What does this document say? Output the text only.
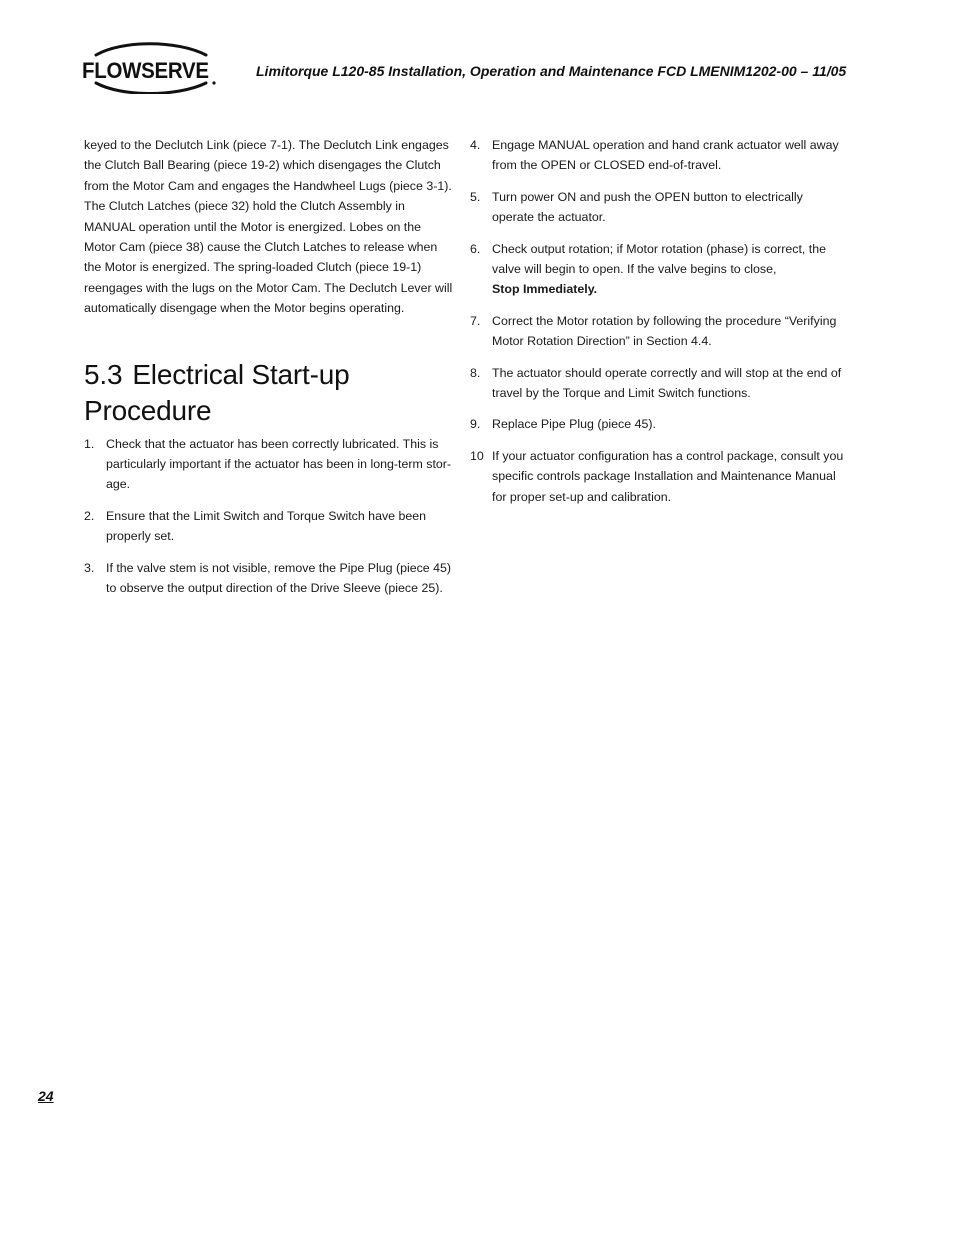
FLOWSERVE	Limitorque L120-85 Installation, Operation and Maintenance FCD LMENIM1202-00 – 11/05

keyed to the Declutch Link (piece 7-1). The Declutch Link engages the Clutch Ball Bearing (piece 19-2) which disengages the Clutch from the Motor Cam and engages the Handwheel Lugs (piece 3-1). The Clutch Latches (piece 32) hold the Clutch Assembly in MANUAL operation until the Motor is energized. Lobes on the Motor Cam (piece 38) cause the Clutch Latches to release when the Motor is energized. The spring-loaded Clutch (piece 19-1) reengages with the lugs on the Motor Cam. The Declutch Lever will automatically disengage when the Motor begins operating.

5.3 Electrical Start-up Procedure
1. Check that the actuator has been correctly lubricated. This is particularly important if the actuator has been in long-term stor-age.
2. Ensure that the Limit Switch and Torque Switch have been properly set.
3. If the valve stem is not visible, remove the Pipe Plug (piece 45) to observe the output direction of the Drive Sleeve (piece 25).
4. Engage MANUAL operation and hand crank actuator well away from the OPEN or CLOSED end-of-travel.
5. Turn power ON and push the OPEN button to electrically operate the actuator.
6. Check output rotation; if Motor rotation (phase) is correct, the valve will begin to open. If the valve begins to close,
Stop Immediately.
7. Correct the Motor rotation by following the procedure “Verifying Motor Rotation Direction” in Section 4.4.
8. The actuator should operate correctly and will stop at the end of travel by the Torque and Limit Switch functions.
9. Replace Pipe Plug (piece 45).
10 If your actuator configuration has a control package, consult you specific controls package Installation and Maintenance Manual for proper set-up and calibration.
24
